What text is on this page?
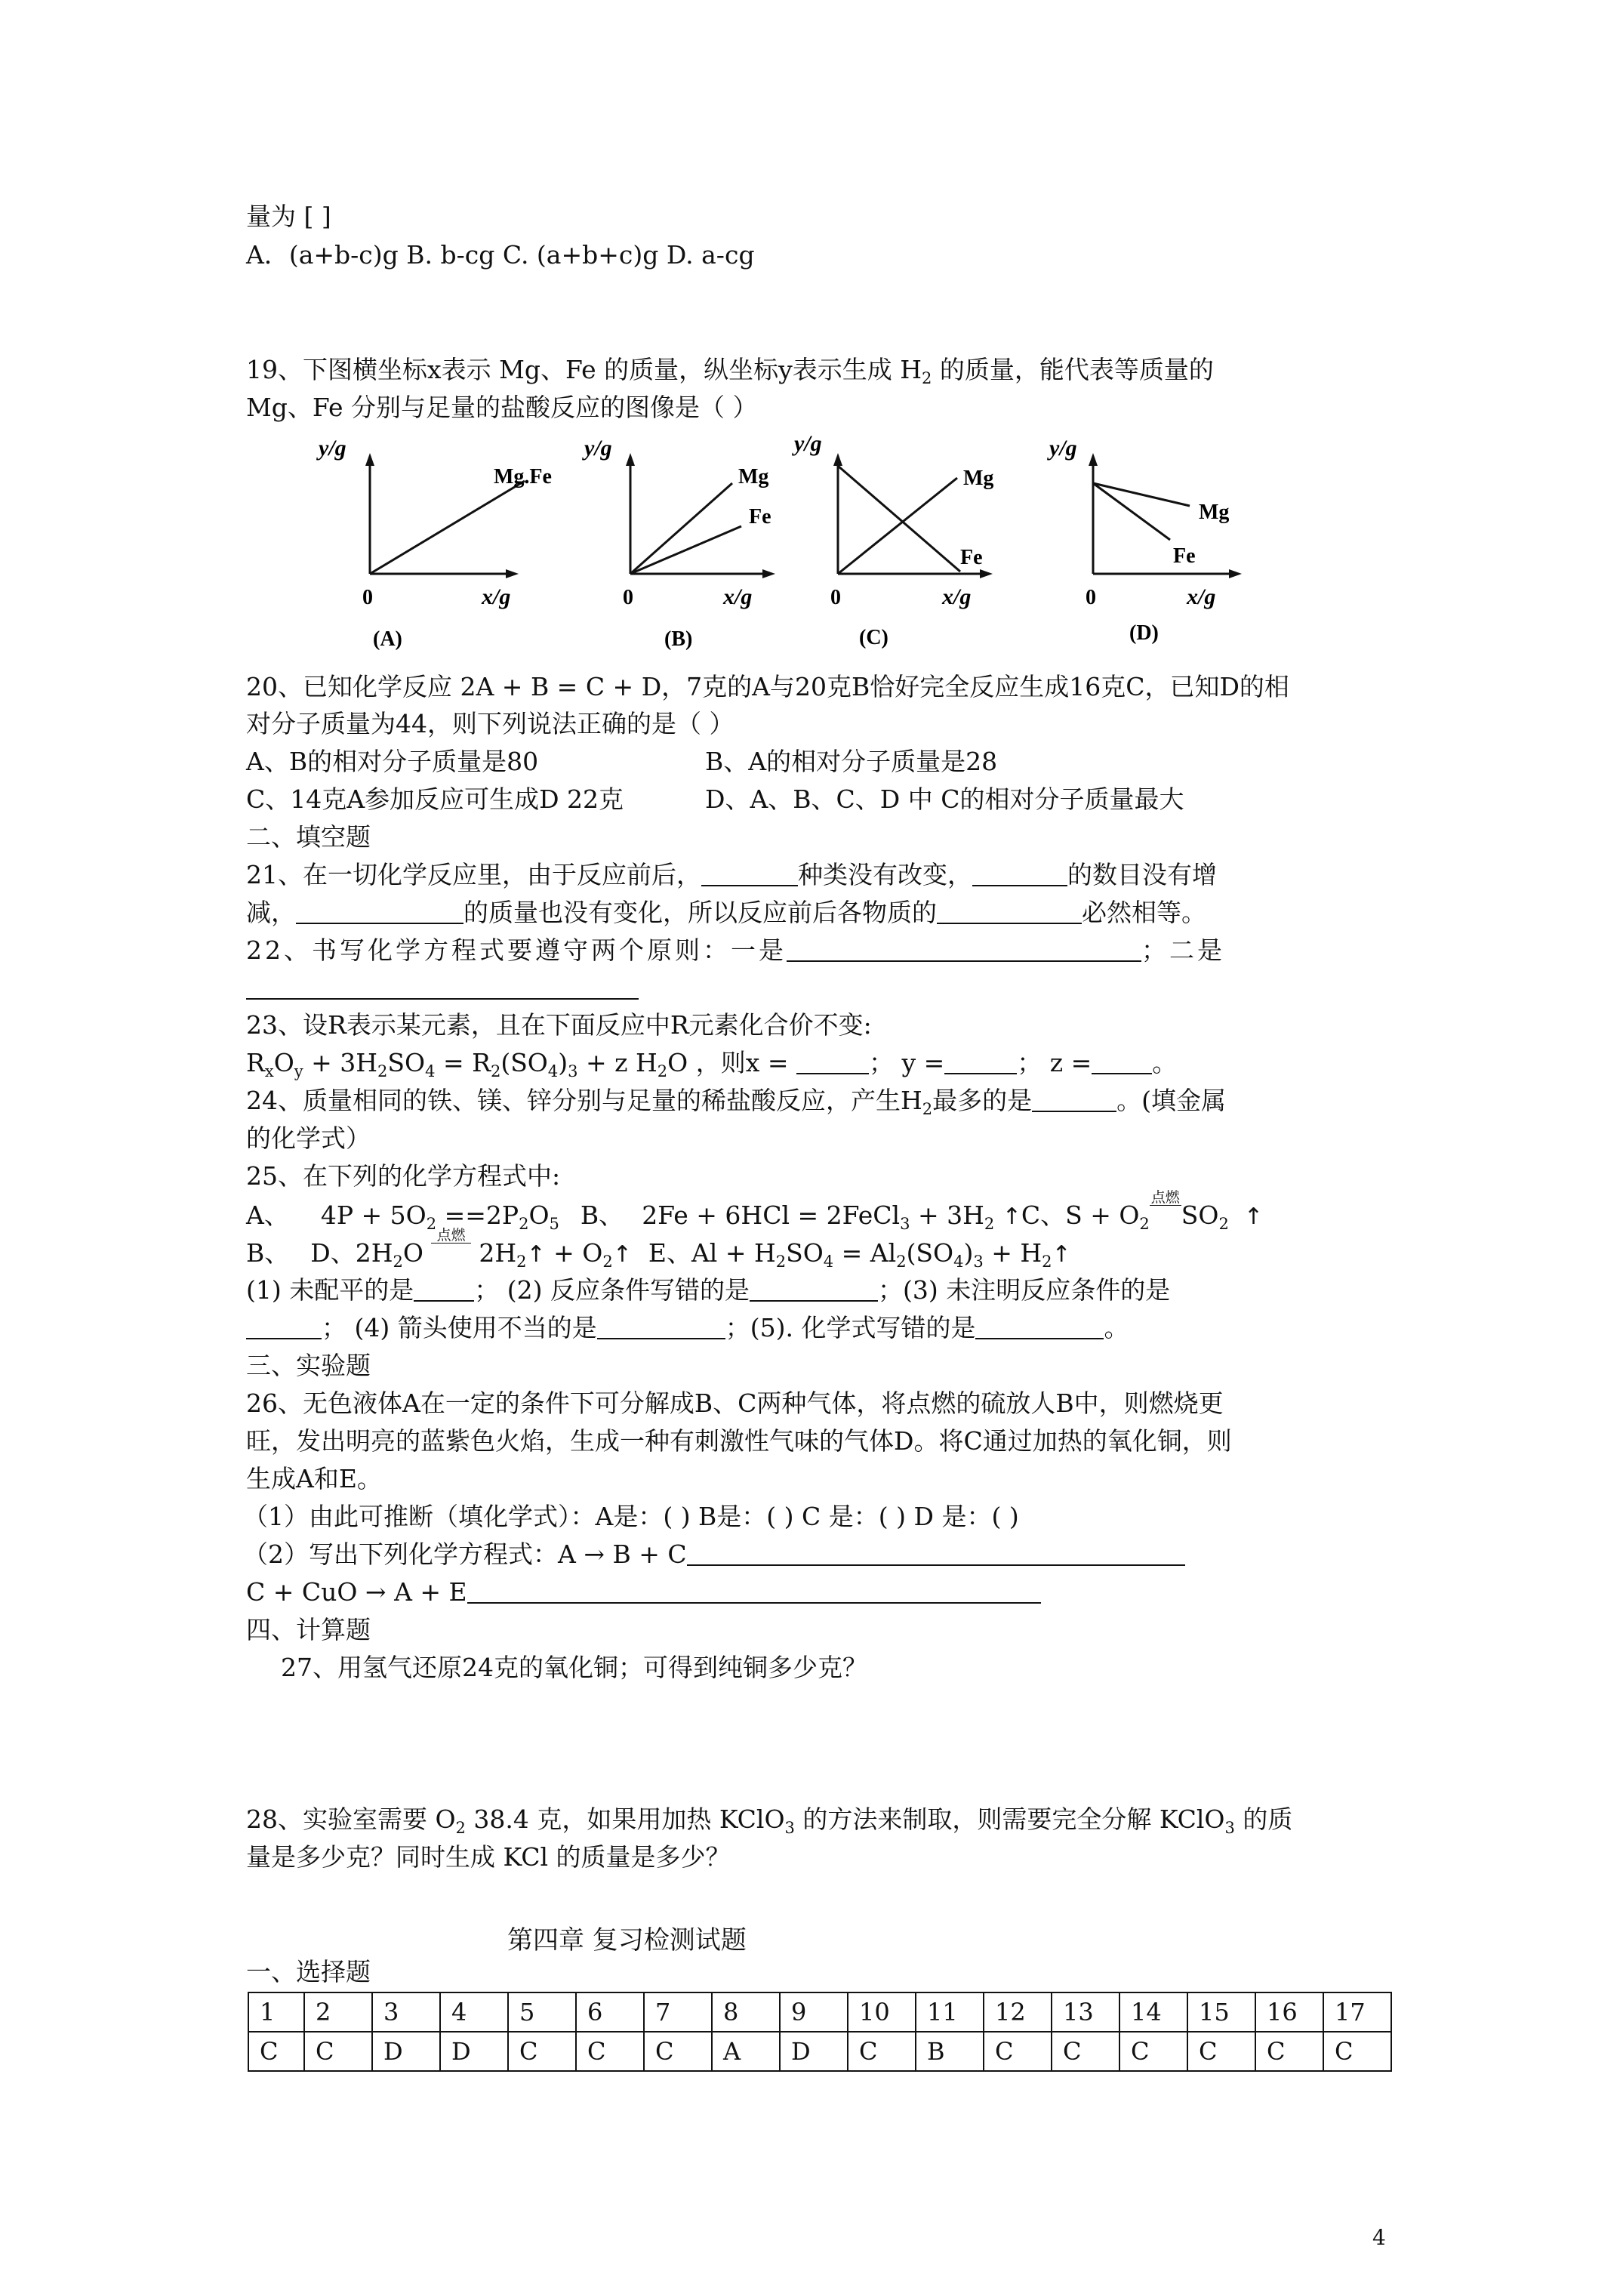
量为 [ ]
A．(a+b-c)g B. b-cg C. (a+b+c)g D. a-cg
19、下图横坐标x表示 Mg、Fe 的质量，纵坐标y表示生成 $H_2$ 的质量，能代表等质量的
Mg、Fe 分别与足量的盐酸反应的图像是（ ）
y/g
x/g
0
Mg.Fe
(A)
y/g
x/g
0
Mg
Fe
(B)
y/g
x/g
0
Mg
Fe
(C)
y/g
x/g
0
Mg
Fe
(D)
20、已知化学反应 2A + B = C + D，7克的A与20克B恰好完全反应生成16克C，已知D的相
对分子质量为44，则下列说法正确的是（ ）
A、B的相对分子质量是80	B、A的相对分子质量是28
C、14克A参加反应可生成D 22克	D、A、B、C、D 中 C的相对分子质量最大
二、填空题
21、在一切化学反应里，由于反应前后，	种类没有改变，	的数目没有增
减，	的质量也没有变化，所以反应前后各物质的	必然相等。
22、书写化学方程式要遵守两个原则：一是	；二是
23、设R表示某元素，且在下面反应中R元素化合价不变:
$R_xO_y + 3H_2SO_4 = R_2(SO_4)_3 + z$ $H_2O$ ，则x =	； y =	； z = 。
24、质量相同的铁、镁、锌分别与足量的稀盐酸反应，产生$H_2$最多的是	。(填金属
的化学式）
25、在下列的化学方程式中:
A、 $4P + 5O_2 ==2P_2O_5$ B、 2Fe + 6HCl = 2FeCl$_3$ + $3H_2$ ↑C、$S + O_2$
点燃
$SO_2$ ↑
B、 D、$2H_2O$
点燃
$2H_2↑$ + $O_2↑$ E、$Al + H_2SO_4 = Al_2(SO_4)_3$ + $H_2↑$
(1) 未配平的是 ； (2) 反应条件写错的是	；(3) 未注明反应条件的是
； (4) 箭头使用不当的是	；(5). 化学式写错的是	。
三、实验题
26、无色液体A在一定的条件下可分解成B、C两种气体，将点燃的硫放人B中，则燃烧更
旺，发出明亮的蓝紫色火焰，生成一种有刺激性气味的气体D。将C通过加热的氧化铜，则
生成A和E。
（1）由此可推断（填化学式）：A是：( ) B是：( ) C 是：( ) D 是：( )
（2）写出下列化学方程式：A → B + C
C + CuO → A + E
四、计算题
27、用氢气还原24克的氧化铜；可得到纯铜多少克？
28、实验室需要 $O_2$ 38.4 克，如果用加热 KClO$_3$ 的方法来制取，则需要完全分解 KClO$_3$ 的质
量是多少克？同时生成 KCl 的质量是多少？
第四章 复习检测试题
一、选择题
1	2	3	4	5	6	7	8	9	10	11	12	13	14	15	16	17
C	C	D	D	C	C	C	A	D	C	B	C	C	C	C	C	C
4
